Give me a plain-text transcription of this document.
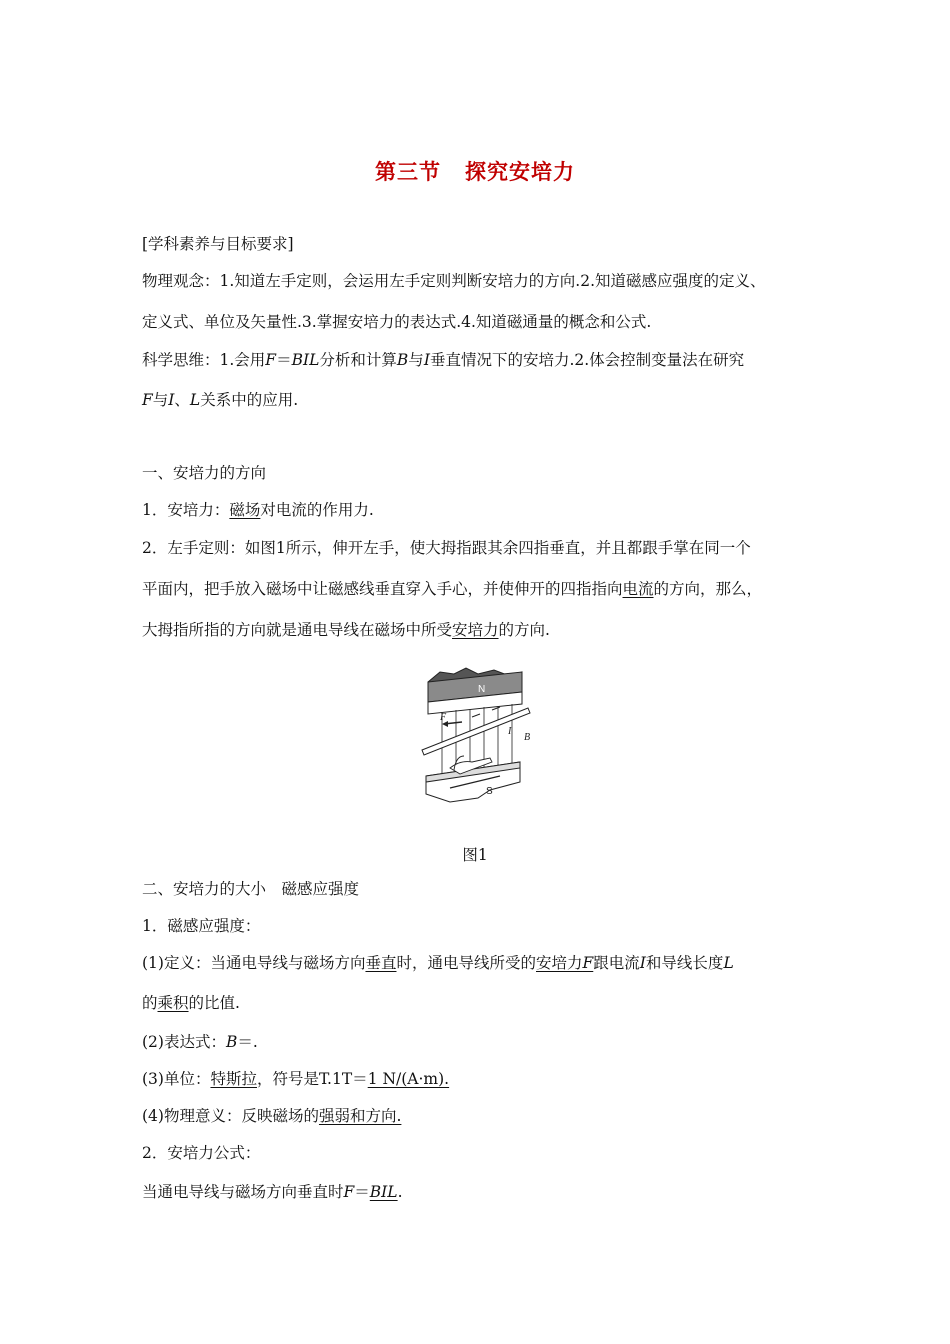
第三节 探究安培力
[学科素养与目标要求]
物理观念：1.知道左手定则，会运用左手定则判断安培力的方向.2.知道磁感应强度的定义、
定义式、单位及矢量性.3.掌握安培力的表达式.4.知道磁通量的概念和公式.
科学思维：1.会用F＝BIL分析和计算B与I垂直情况下的安培力.2.体会控制变量法在研究
F与I、L关系中的应用.
一、安培力的方向
1．安培力：磁场对电流的作用力.
2．左手定则：如图1所示，伸开左手，使大拇指跟其余四指垂直，并且都跟手掌在同一个
平面内，把手放入磁场中让磁感线垂直穿入手心，并使伸开的四指指向电流的方向，那么，
大拇指所指的方向就是通电导线在磁场中所受安培力的方向.
N
F
I
B
S
图1
二、安培力的大小　磁感应强度
1．磁感应强度：
(1)定义：当通电导线与磁场方向垂直时，通电导线所受的安培力F跟电流I和导线长度L
的乘积的比值.
(2)表达式：B＝.
(3)单位：特斯拉，符号是T.1T＝1 N/(A·m).
(4)物理意义：反映磁场的强弱和方向.
2．安培力公式：
当通电导线与磁场方向垂直时F＝BIL.
